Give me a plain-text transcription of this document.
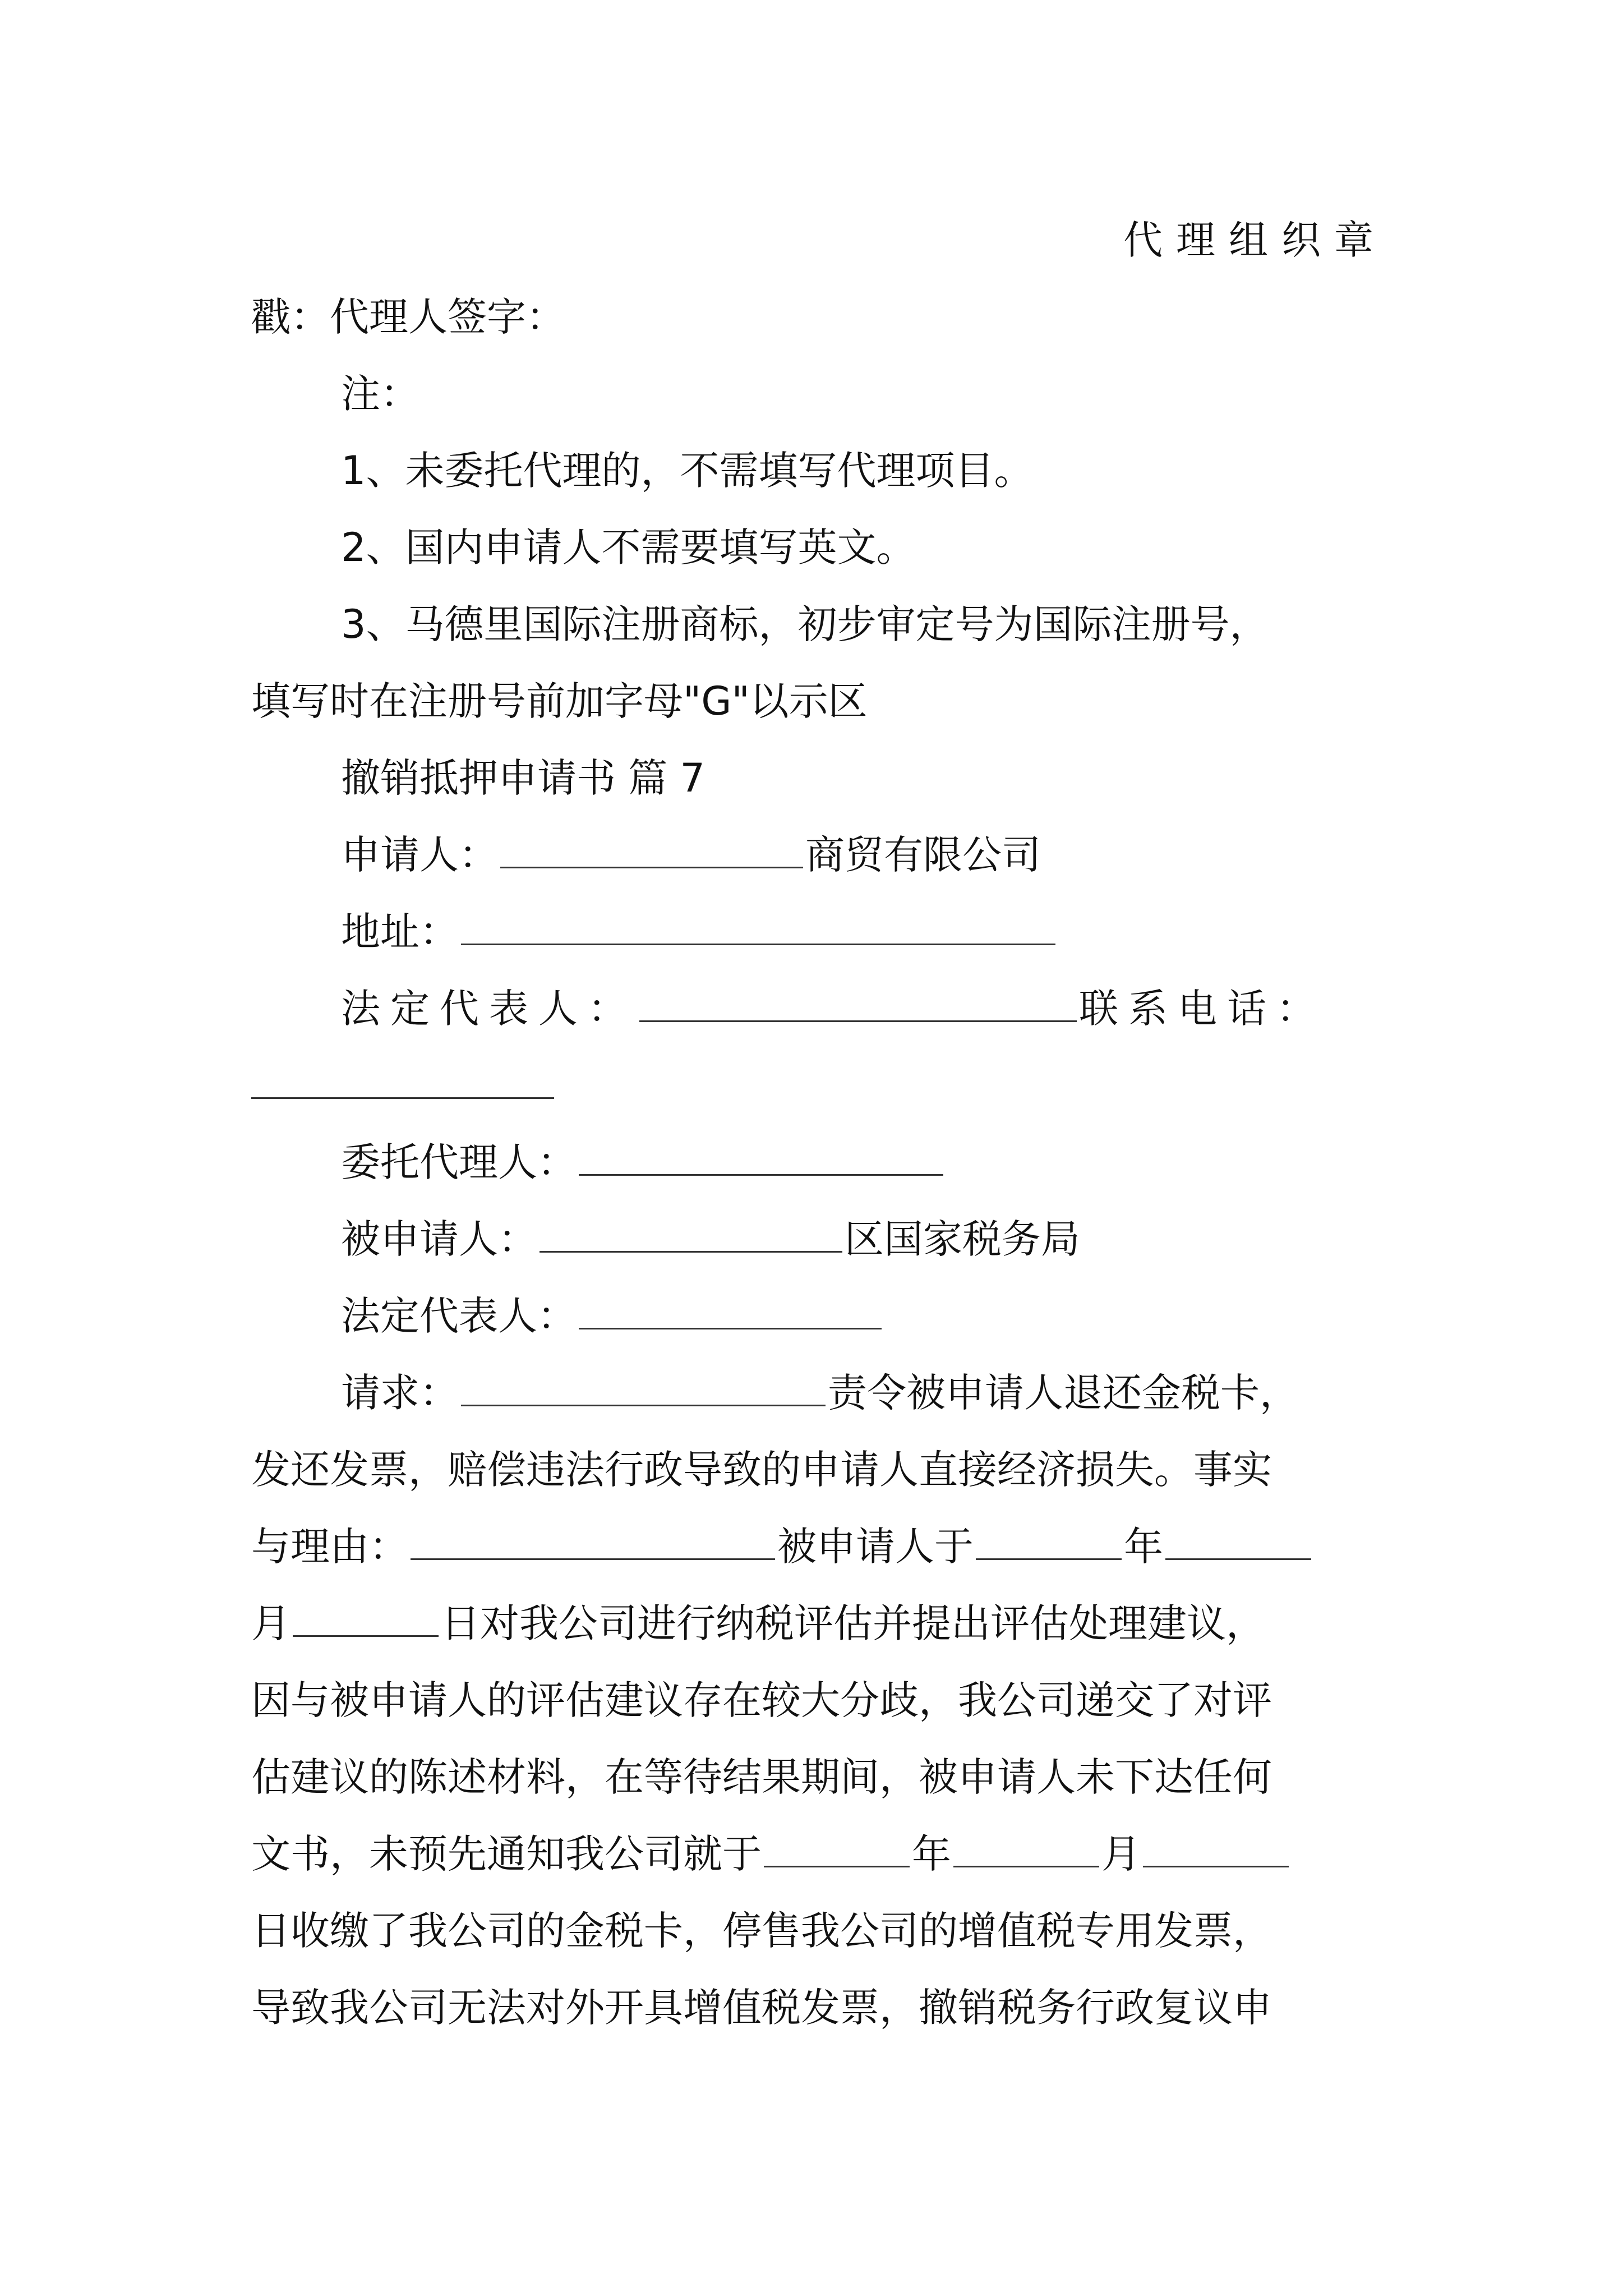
代理组织章
戳：代理人签字：
注：
1、未委托代理的，不需填写代理项目。
2、国内申请人不需要填写英文。
3、马德里国际注册商标，初步审定号为国际注册号，
填写时在注册号前加字母"G"以示区
撤销抵押申请书 篇 7
申请人：	商贸有限公司
地址：
法定代表人：	联系电话：
委托代理人：
被申请人：	区国家税务局
法定代表人：
请求：	责令被申请人退还金税卡，
发还发票，赔偿违法行政导致的申请人直接经济损失。事实
与理由：	被申请人于	年
月	日对我公司进行纳税评估并提出评估处理建议，
因与被申请人的评估建议存在较大分歧，我公司递交了对评
估建议的陈述材料，在等待结果期间，被申请人未下达任何
文书，未预先通知我公司就于	年	月
日收缴了我公司的金税卡，停售我公司的增值税专用发票，
导致我公司无法对外开具增值税发票，撤销税务行政复议申
